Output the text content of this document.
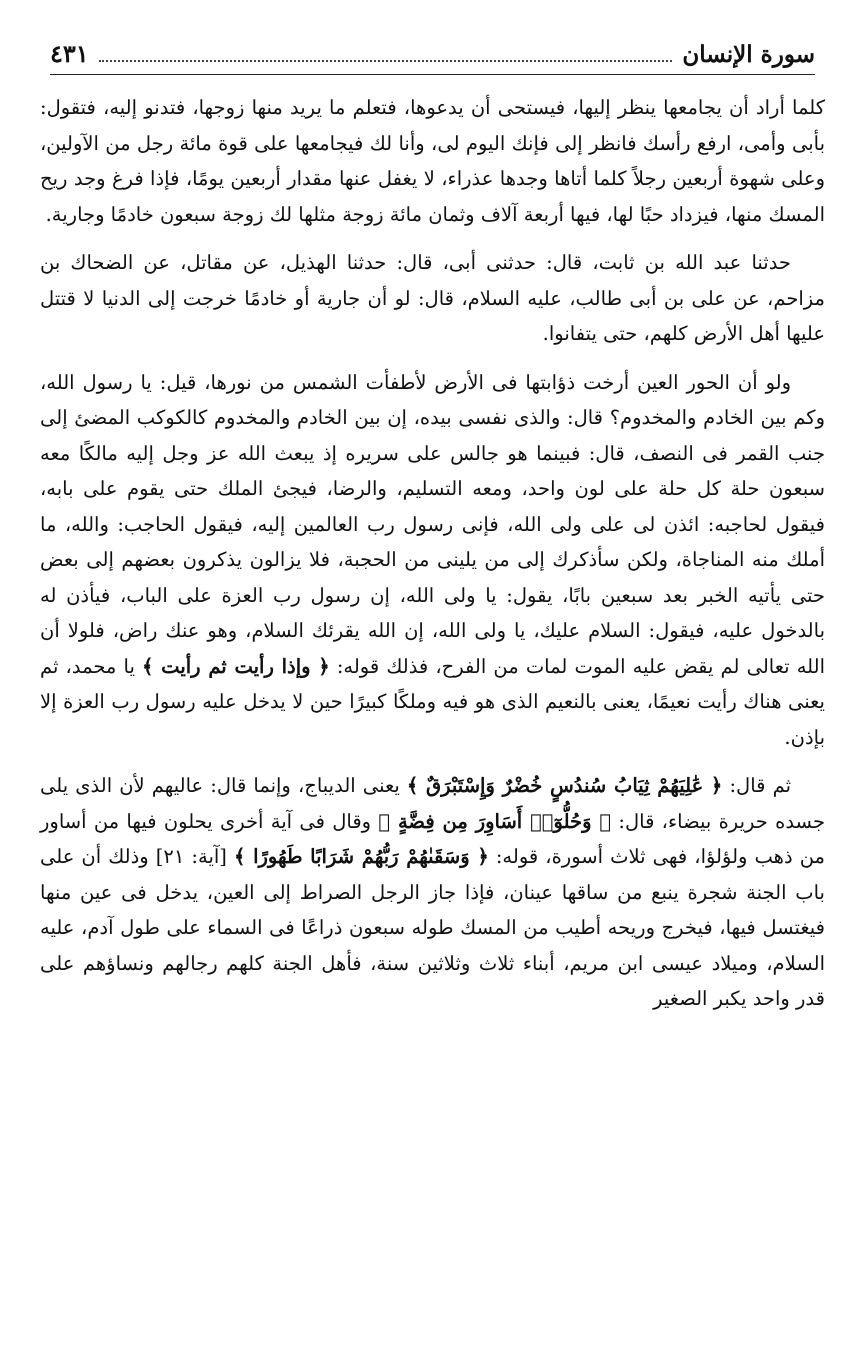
سورة الإنسان
٤٣١

كلما أراد أن يجامعها ينظر إليها، فيستحى أن يدعوها، فتعلم ما يريد منها زوجها، فتدنو إليه، فتقول: بأبى وأمى، ارفع رأسك فانظر إلى فإنك اليوم لى، وأنا لك فيجامعها على قوة مائة رجل من الآولين، وعلى شهوة أربعين رجلاً كلما أتاها وجدها عذراء، لا يغفل عنها مقدار أربعين يومًا، فإذا فرغ وجد ريح المسك منها، فيزداد حبًا لها، فيها أربعة آلاف وثمان مائة زوجة مثلها لك زوجة سبعون خادمًا وجارية.

حدثنا عبد الله بن ثابت، قال: حدثنى أبى، قال: حدثنا الهذيل، عن مقاتل، عن الضحاك بن مزاحم، عن على بن أبى طالب، عليه السلام، قال: لو أن جارية أو خادمًا خرجت إلى الدنيا لا قتتل عليها أهل الأرض كلهم، حتى يتفانوا.

ولو أن الحور العين أرخت ذؤابتها فى الأرض لأطفأت الشمس من نورها، قيل: يا رسول الله، وكم بين الخادم والمخدوم؟ قال: والذى نفسى بيده، إن بين الخادم والمخدوم كالكوكب المضئ إلى جنب القمر فى النصف، قال: فبينما هو جالس على سريره إذ يبعث الله عز وجل إليه مالكًا معه سبعون حلة كل حلة على لون واحد، ومعه التسليم، والرضا، فيجئ الملك حتى يقوم على بابه، فيقول لحاجبه: ائذن لى على ولى الله، فإنى رسول رب العالمين إليه، فيقول الحاجب: والله، ما أملك منه المناجاة، ولكن سأذكرك إلى من يلينى من الحجبة، فلا يزالون يذكرون بعضهم إلى بعض حتى يأتيه الخبر بعد سبعين بابًا، يقول: يا ولى الله، إن رسول رب العزة على الباب، فيأذن له بالدخول عليه، فيقول: السلام عليك، يا ولى الله، إن الله يقرئك السلام، وهو عنك راض، فلولا أن الله تعالى لم يقض عليه الموت لمات من الفرح، فذلك قوله: ﴿ وإذا رأيت ثم رأيت ﴾ يا محمد، ثم يعنى هناك رأيت نعيمًا، يعنى بالنعيم الذى هو فيه وملكًا كبيرًا حين لا يدخل عليه رسول رب العزة إلا بإذن.

ثم قال: ﴿ عَٰلِيَهُمْ ثِيَابُ سُندُسٍ خُضْرٌ وَإِسْتَبْرَقٌ ﴾ يعنى الديباج، وإنما قال: عاليهم لأن الذى يلى جسده حريرة بيضاء، قال: ﴿ وَحُلُّوٓا۟ أَسَاوِرَ مِن فِضَّةٍ ﴾ وقال فى آية أخرى يحلون فيها من أساور من ذهب ولؤلؤا، فهى ثلاث أسورة، قوله: ﴿ وَسَقَىٰهُمْ رَبُّهُمْ شَرَابًا طَهُورًا ﴾ [آية: ٢١] وذلك أن على باب الجنة شجرة ينبع من ساقها عينان، فإذا جاز الرجل الصراط إلى العين، يدخل فى عين منها فيغتسل فيها، فيخرج وريحه أطيب من المسك طوله سبعون ذراعًا فى السماء على طول آدم، عليه السلام، وميلاد عيسى ابن مريم، أبناء ثلاث وثلاثين سنة، فأهل الجنة كلهم رجالهم ونساؤهم على قدر واحد يكبر الصغير
